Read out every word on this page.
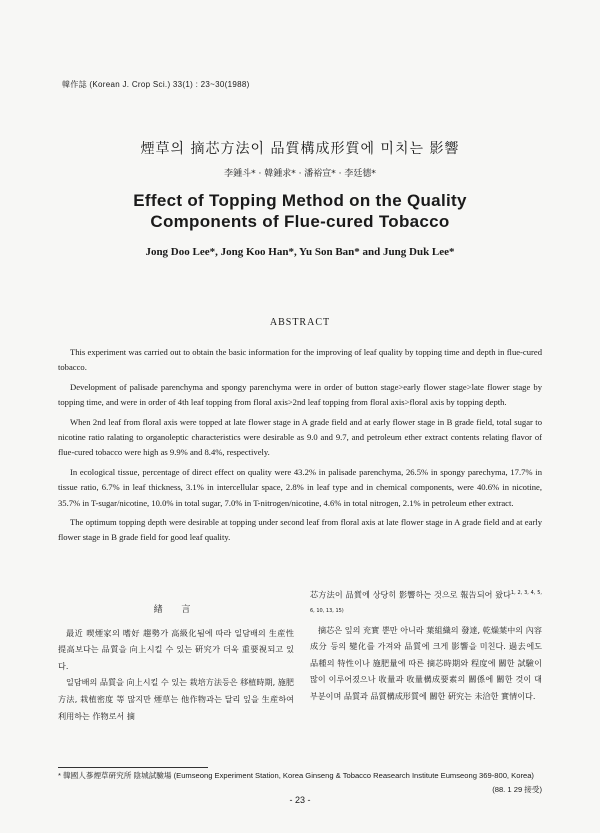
韓作誌 (Korean J. Crop Sci.) 33(1) : 23~30(1988)
煙草의 摘芯方法이 品質構成形質에 미치는 影響
李鍾斗* · 韓鍾求* · 潘裕宣* · 李廷德*
Effect of Topping Method on the Quality
Components of Flue-cured Tobacco
Jong Doo Lee*, Jong Koo Han*, Yu Son Ban* and Jung Duk Lee*
ABSTRACT

This experiment was carried out to obtain the basic information for the improving of leaf quality by topping time and depth in flue-cured tobacco.

Development of palisade parenchyma and spongy parenchyma were in order of button stage>early flower stage>late flower stage by topping time, and were in order of 4th leaf topping from floral axis>2nd leaf topping from floral axis>floral axis by topping depth.

When 2nd leaf from floral axis were topped at late flower stage in A grade field and at early flower stage in B grade field, total sugar to nicotine ratio ralating to organoleptic characteristics were desirable as 9.0 and 9.7, and petroleum ether extract contents relating flavor of flue-cured tobacco were high as 9.9% and 8.4%, respectively.

In ecological tissue, percentage of direct effect on quality were 43.2% in palisade parenchyma, 26.5% in spongy parechyma, 17.7% in tissue ratio, 6.7% in leaf thickness, 3.1% in intercellular space, 2.8% in leaf type and in chemical components, were 40.6% in nicotine, 35.7% in T-sugar/nicotine, 10.0% in total sugar, 7.0% in T-nitrogen/nicotine, 4.6% in total nitrogen, 2.1% in petroleum ether extract.

The optimum topping depth were desirable at topping under second leaf from floral axis at late flower stage in A grade field and at early flower stage in B grade field for good leaf quality.

緖 言

最近 喫煙家의 嗜好 趨勢가 高級化됨에 따라 일담배의 生産性 提高보다는 品質을 向上시킬 수 있는 硏究가 더욱 重要視되고 있다.

일담배의 品質을 向上시킬 수 있는 栽培方法등은 移植時期, 施肥方法, 栽植密度 等 많지만 煙草는 他作物과는 달리 잎을 生産하여 利用하는 作物로서 摘

芯方法이 品質에 상당히 影響하는 것으로 報告되어 왔다$^{1, 2, 3, 4, 5, 6, 10, 13, 15)}$

摘芯은 잎의 充實 뿐만 아니라 葉組織의 發達, 乾燥葉中의 內容成分 등의 變化를 가져와 品質에 크게 影響을 미친다. 過去에도 品種의 特性이나 施肥量에 따른 摘芯時期와 程度에 關한 試驗이 많이 이루어졌으나 收量과 收量構成要素의 關係에 關한 것이 대부분이며 品質과 品質構成形質에 關한 硏究는 未洽한 實情이다.

* 韓國人蔘煙草硏究所 陰城試驗場 (Eumseong Experiment Station, Korea Ginseng & Tobacco Reasearch Institute Eumseong 369-800, Korea)
(88. 1 29 接受)
- 23 -
